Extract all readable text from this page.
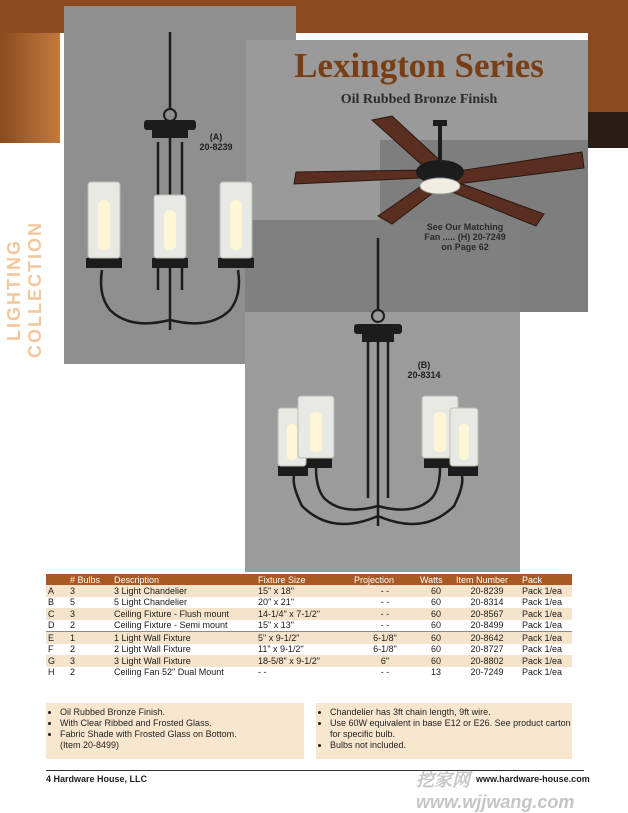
LIGHTING COLLECTION
Lexington Series
Oil Rubbed Bronze Finish
(A)
20-8239
See Our Matching
Fan ..... (H) 20-7249
on Page 62
(B)
20-8314
	# Bulbs	Description	Fixture Size	Projection	Watts	Item Number	Pack
A	3	3 Light Chandelier	15" x 18"	- -	60	20-8239	Pack 1/ea
B	5	5 Light Chandelier	20" x 21"	- -	60	20-8314	Pack 1/ea
C	3	Ceiling Fixture - Flush mount	14-1/4" x 7-1/2"	- -	60	20-8567	Pack 1/ea
D	2	Ceiling Fixture - Semi mount	15" x 13"	- -	60	20-8499	Pack 1/ea
E	1	1 Light Wall Fixture	5" x 9-1/2"	6-1/8"	60	20-8642	Pack 1/ea
F	2	2 Light Wall Fixture	11" x 9-1/2"	6-1/8"	60	20-8727	Pack 1/ea
G	3	3 Light Wall Fixture	18-5/8" x 9-1/2"	6"	60	20-8802	Pack 1/ea
H	2	Ceiling Fan 52" Dual Mount	- -	- -	13	20-7249	Pack 1/ea
• Oil Rubbed Bronze Finish.
• With Clear Ribbed and Frosted Glass.
• Fabric Shade with Frosted Glass on Bottom.
(Item 20-8499)
• Chandelier has 3ft chain length, 9ft wire.
• Use 60W equivalent in base E12 or E26. See product carton for specific bulb.
• Bulbs not included.
4 Hardware House, LLC	挖家网 www.wjjwang.com
www.hardware-house.com
